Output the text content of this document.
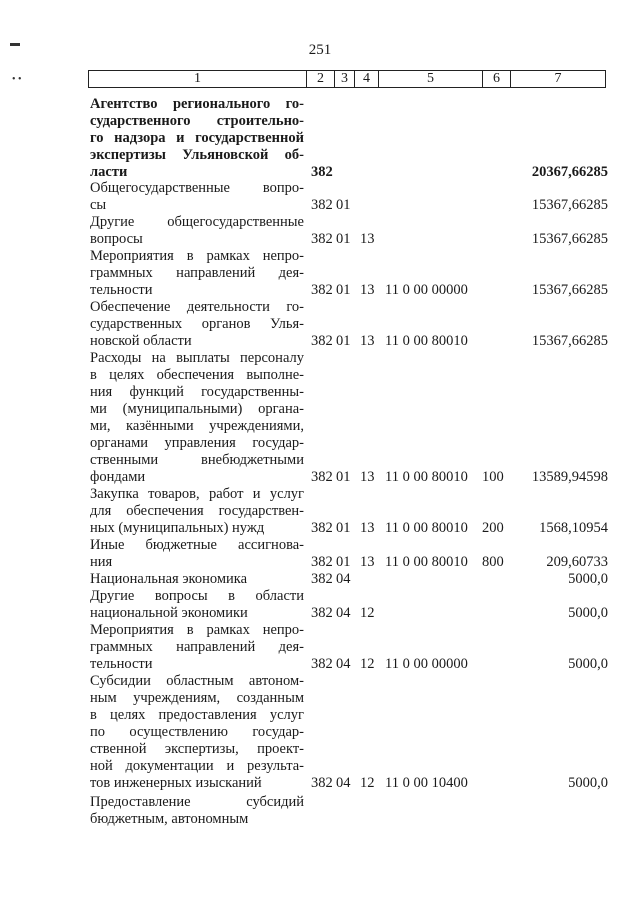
251
1	2	3	4	5	6	7
Агентство регионального го-
сударственного строительно-
го надзора и государственной
экспертизы Ульяновской об-
ласти	382	20367,66285
Общегосударственные вопро-
сы	382 01	15367,66285
Другие общегосударственные
вопросы	382 01 13	15367,66285
Мероприятия в рамках непро-
граммных направлений дея-
тельности	382 01 13 11 0 00 00000	15367,66285
Обеспечение деятельности го-
сударственных органов Улья-
новской области	382 01 13 11 0 00 80010	15367,66285
Расходы на выплаты персоналу
в целях обеспечения выполне-
ния функций государственны-
ми (муниципальными) органа-
ми, казёнными учреждениями,
органами управления государ-
ственными внебюджетными
фондами	382 01 13 11 0 00 80010 100	13589,94598
Закупка товаров, работ и услуг
для обеспечения государствен-
ных (муниципальных) нужд	382 01 13 11 0 00 80010 200	1568,10954
Иные бюджетные ассигнова-
ния	382 01 13 11 0 00 80010 800	209,60733
Национальная экономика	382 04	5000,0
Другие вопросы в области
национальной экономики	382 04 12	5000,0
Мероприятия в рамках непро-
граммных направлений дея-
тельности	382 04 12 11 0 00 00000	5000,0
Субсидии областным автоном-
ным учреждениям, созданным
в целях предоставления услуг
по осуществлению государ-
ственной экспертизы, проект-
ной документации и результа-
тов инженерных изысканий	382 04 12 11 0 00 10400	5000,0
Предоставление субсидий
бюджетным, автономным
▬
• •
